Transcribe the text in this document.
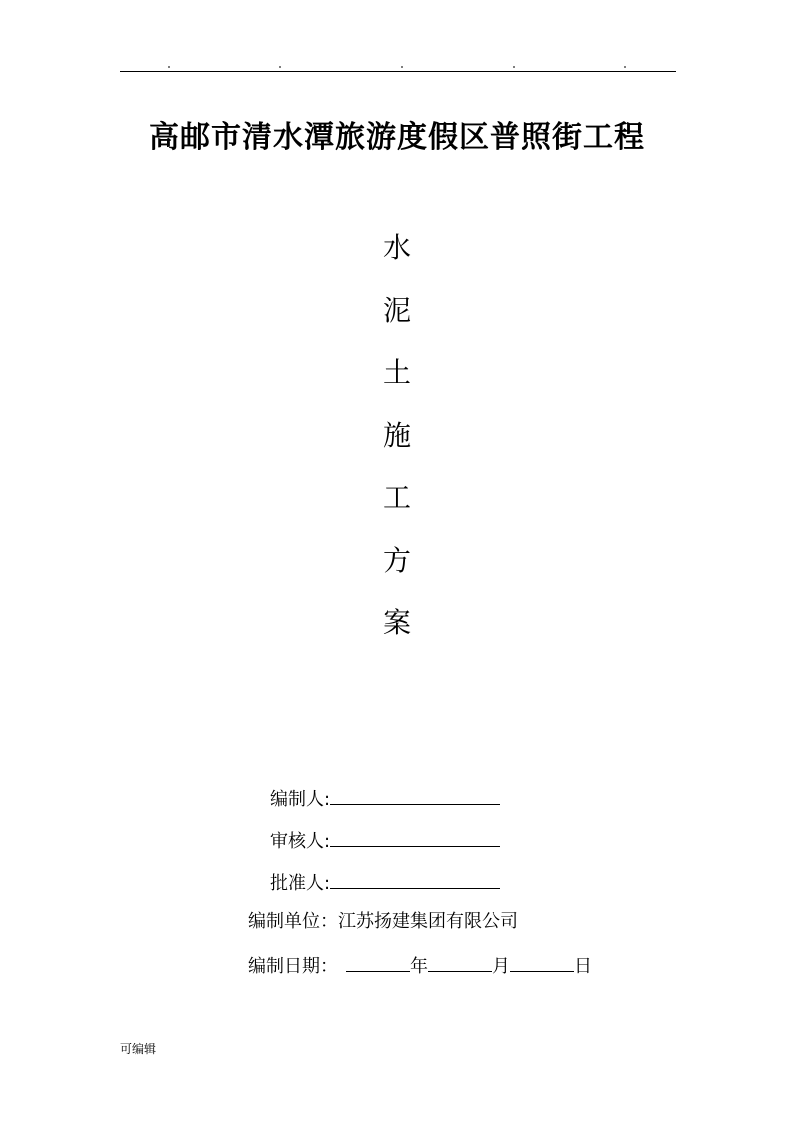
高邮市清水潭旅游度假区普照街工程
水
泥
土
施
工
方
案
编制人:
审核人:
批准人:
编制单位：江苏扬建集团有限公司
编制日期：	年	月	日
可编辑
